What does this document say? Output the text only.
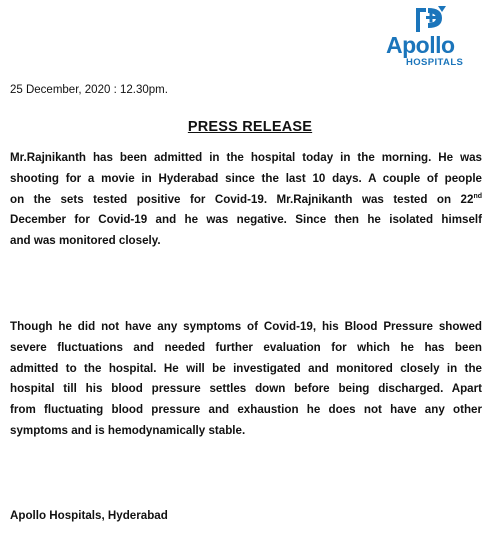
Apollo
HOSPITALS
25 December, 2020 : 12.30pm.
PRESS RELEASE
Mr.Rajnikanth has been admitted in the hospital today in the morning. He was
shooting for a movie in Hyderabad since the last 10 days. A couple of people
on the sets tested positive for Covid-19. Mr.Rajnikanth was tested on 22nd
December for Covid-19 and he was negative. Since then he isolated himself
and was monitored closely.
Though he did not have any symptoms of Covid-19, his Blood Pressure showed
severe fluctuations and needed further evaluation for which he has been
admitted to the hospital. He will be investigated and monitored closely in the
hospital till his blood pressure settles down before being discharged. Apart
from fluctuating blood pressure and exhaustion he does not have any other
symptoms and is hemodynamically stable.
Apollo Hospitals, Hyderabad
